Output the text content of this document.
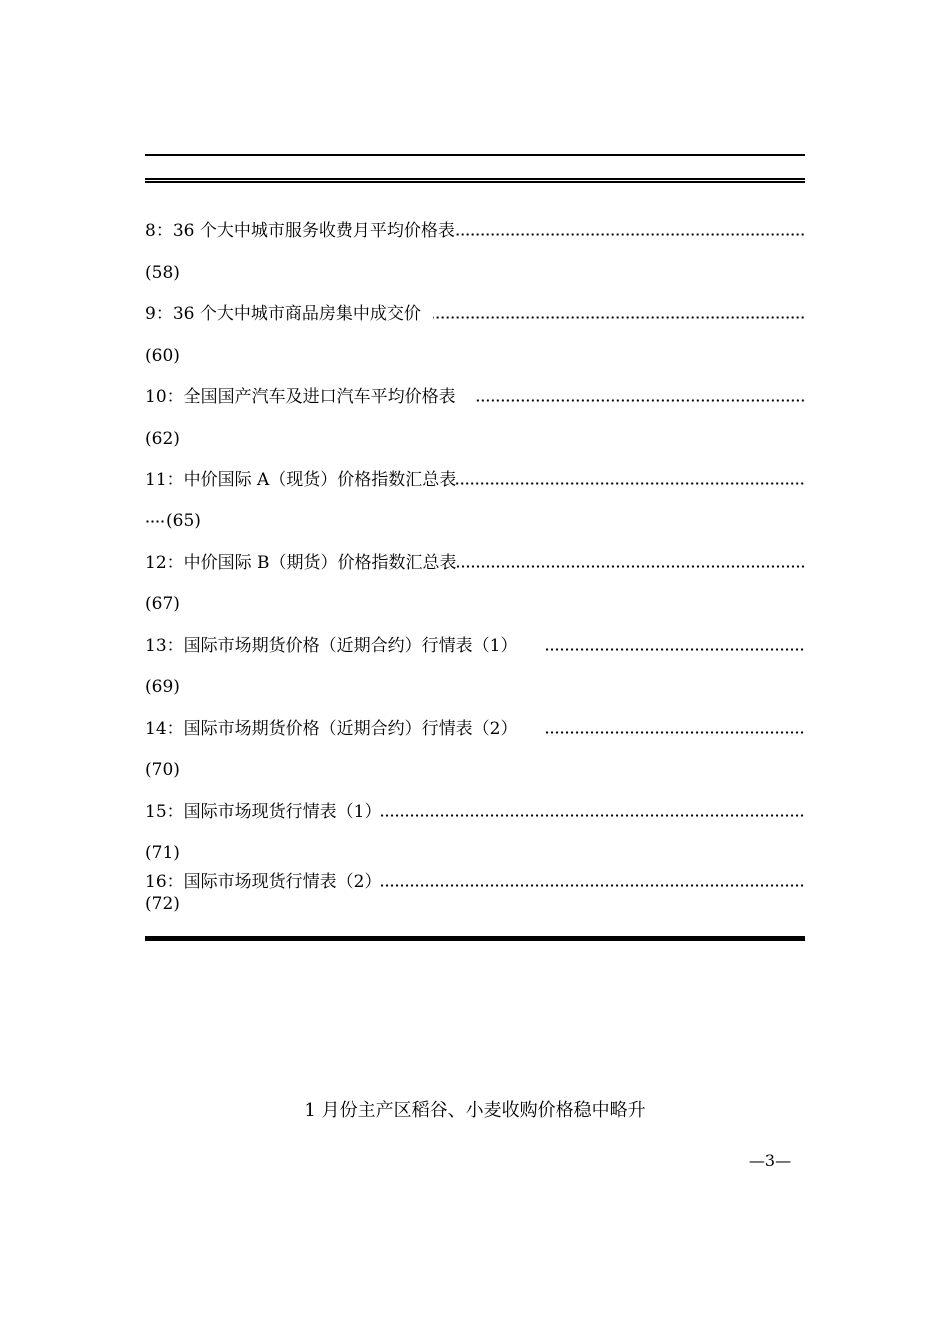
8：36 个大中城市服务收费月平均价格表
(58)
9：36 个大中城市商品房集中成交价
(60)
10：全国国产汽车及进口汽车平均价格表
(62)
11：中价国际 A（现货）价格指数汇总表
(65)
12：中价国际 B（期货）价格指数汇总表
(67)
13：国际市场期货价格（近期合约）行情表（1）
(69)
14：国际市场期货价格（近期合约）行情表（2）
(70)
15：国际市场现货行情表（1）
(71)
16：国际市场现货行情表（2）
(72)
1 月份主产区稻谷、小麦收购价格稳中略升
—3—
